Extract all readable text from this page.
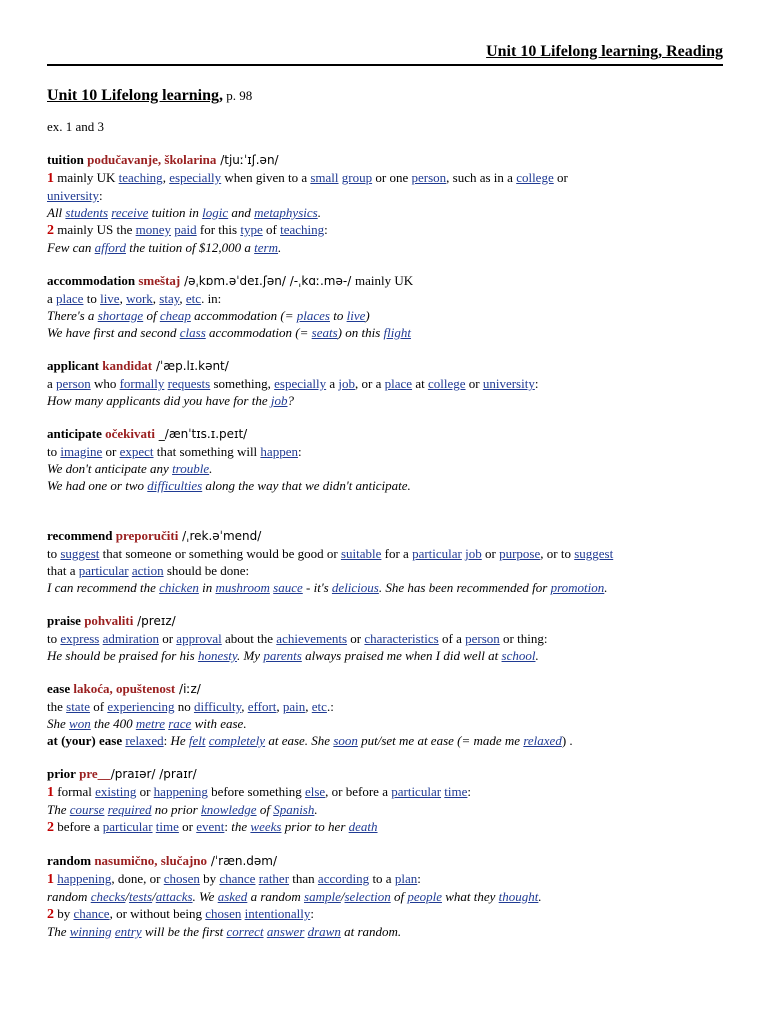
Unit 10 Lifelong learning, Reading
Unit 10 Lifelong learning, p. 98
ex. 1 and 3
tuition podučavanje, školarina /tjuːˈɪʃ.ən/
1 mainly UK teaching, especially when given to a small group or one person, such as in a college or
university:
All students receive tuition in logic and metaphysics.
2 mainly US the money paid for this type of teaching:
Few can afford the tuition of $12,000 a term.
accommodation smeštaj /əˌkɒm.əˈdeɪ.ʃən/ /-ˌkɑː.mə-/ mainly UK
a place to live, work, stay, etc. in:
There's a shortage of cheap accommodation (= places to live)
We have first and second class accommodation (= seats) on this flight
applicant kandidat /ˈæp.lɪ.kənt/
a person who formally requests something, especially a job, or a place at college or university:
How many applicants did you have for the job?
anticipate očekivati _/ænˈtɪs.ɪ.peɪt/
to imagine or expect that something will happen:
We don't anticipate any trouble.
We had one or two difficulties along the way that we didn't anticipate.
recommend preporučiti /ˌrek.əˈmend/
to suggest that someone or something would be good or suitable for a particular job or purpose, or to suggest
that a particular action should be done:
I can recommend the chicken in mushroom sauce - it's delicious. She has been recommended for promotion.
praise pohvaliti /preɪz/
to express admiration or approval about the achievements or characteristics of a person or thing:
He should be praised for his honesty. My parents always praised me when I did well at school.
ease lakoća, opuštenost /iːz/
the state of experiencing no difficulty, effort, pain, etc.:
She won the 400 metre race with ease.
at (your) ease relaxed: He felt completely at ease. She soon put/set me at ease (= made me relaxed) .
prior pre__/praɪər/ /praɪr/
1 formal existing or happening before something else, or before a particular time:
The course required no prior knowledge of Spanish.
2 before a particular time or event: the weeks prior to her death
random nasumično, slučajno /ˈræn.dəm/
1 happening, done, or chosen by chance rather than according to a plan:
random checks/tests/attacks. We asked a random sample/selection of people what they thought.
2 by chance, or without being chosen intentionally:
The winning entry will be the first correct answer drawn at random.
